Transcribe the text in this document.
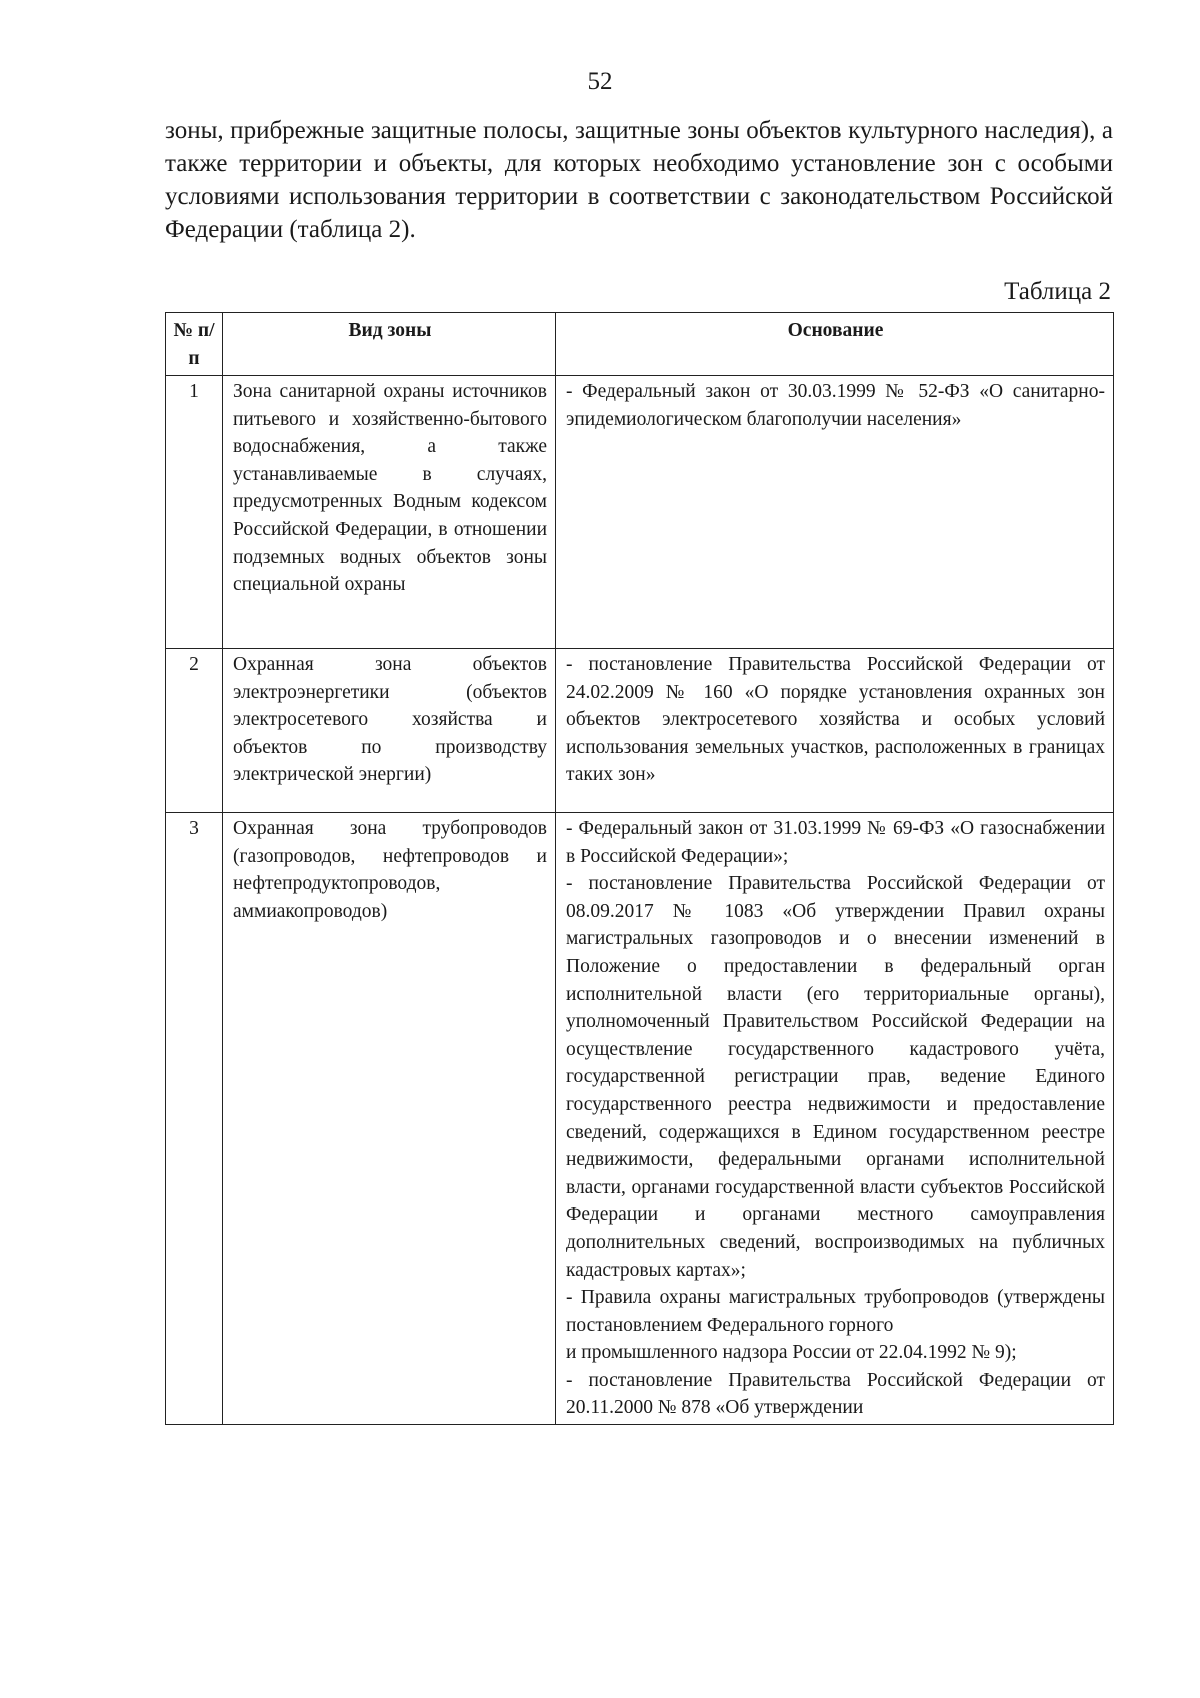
52
зоны, прибрежные защитные полосы, защитные зоны объектов культурного наследия), а также территории и объекты, для которых необходимо установление зон с особыми условиями использования территории в соответствии с законодательством Российской Федерации (таблица 2).
Таблица 2
№ п/п	Вид зоны	Основание
1	Зона санитарной охраны источников питьевого и хозяйственно-бытового водоснабжения, а также устанавливаемые в случаях, предусмотренных Водным кодексом Российской Федерации, в отношении подземных водных объектов зоны специальной охраны	- Федеральный закон от 30.03.1999 № 52-ФЗ «О санитарно-эпидемиологическом благополучии населения»

2	Охранная зона объектов электроэнергетики (объектов электросетевого хозяйства и объектов по производству электрической энергии)	- постановление Правительства Российской Федерации от 24.02.2009 № 160 «О порядке установления охранных зон объектов электросетевого хозяйства и особых условий использования земельных участков, расположенных в границах таких зон»

3	Охранная зона трубопроводов (газопроводов, нефтепроводов и нефтепродуктопроводов, аммиакопроводов)	- Федеральный закон от 31.03.1999 № 69-ФЗ «О газоснабжении в Российской Федерации»;

- постановление Правительства Российской Федерации от 08.09.2017 № 1083 «Об утверждении Правил охраны магистральных газопроводов и о внесении изменений в Положение о предоставлении в федеральный орган исполнительной власти (его территориальные органы), уполномоченный Правительством Российской Федерации на осуществление государственного кадастрового учёта, государственной регистрации прав, ведение Единого государственного реестра недвижимости и предоставление сведений, содержащихся в Едином государственном реестре недвижимости, федеральными органами исполнительной власти, органами государственной власти субъектов Российской Федерации и органами местного самоуправления дополнительных сведений, воспроизводимых на публичных кадастровых картах»;

- Правила охраны магистральных трубопроводов (утверждены постановлением Федерального горного

и промышленного надзора России от 22.04.1992 № 9);

- постановление Правительства Российской Федерации от 20.11.2000 № 878 «Об утверждении
